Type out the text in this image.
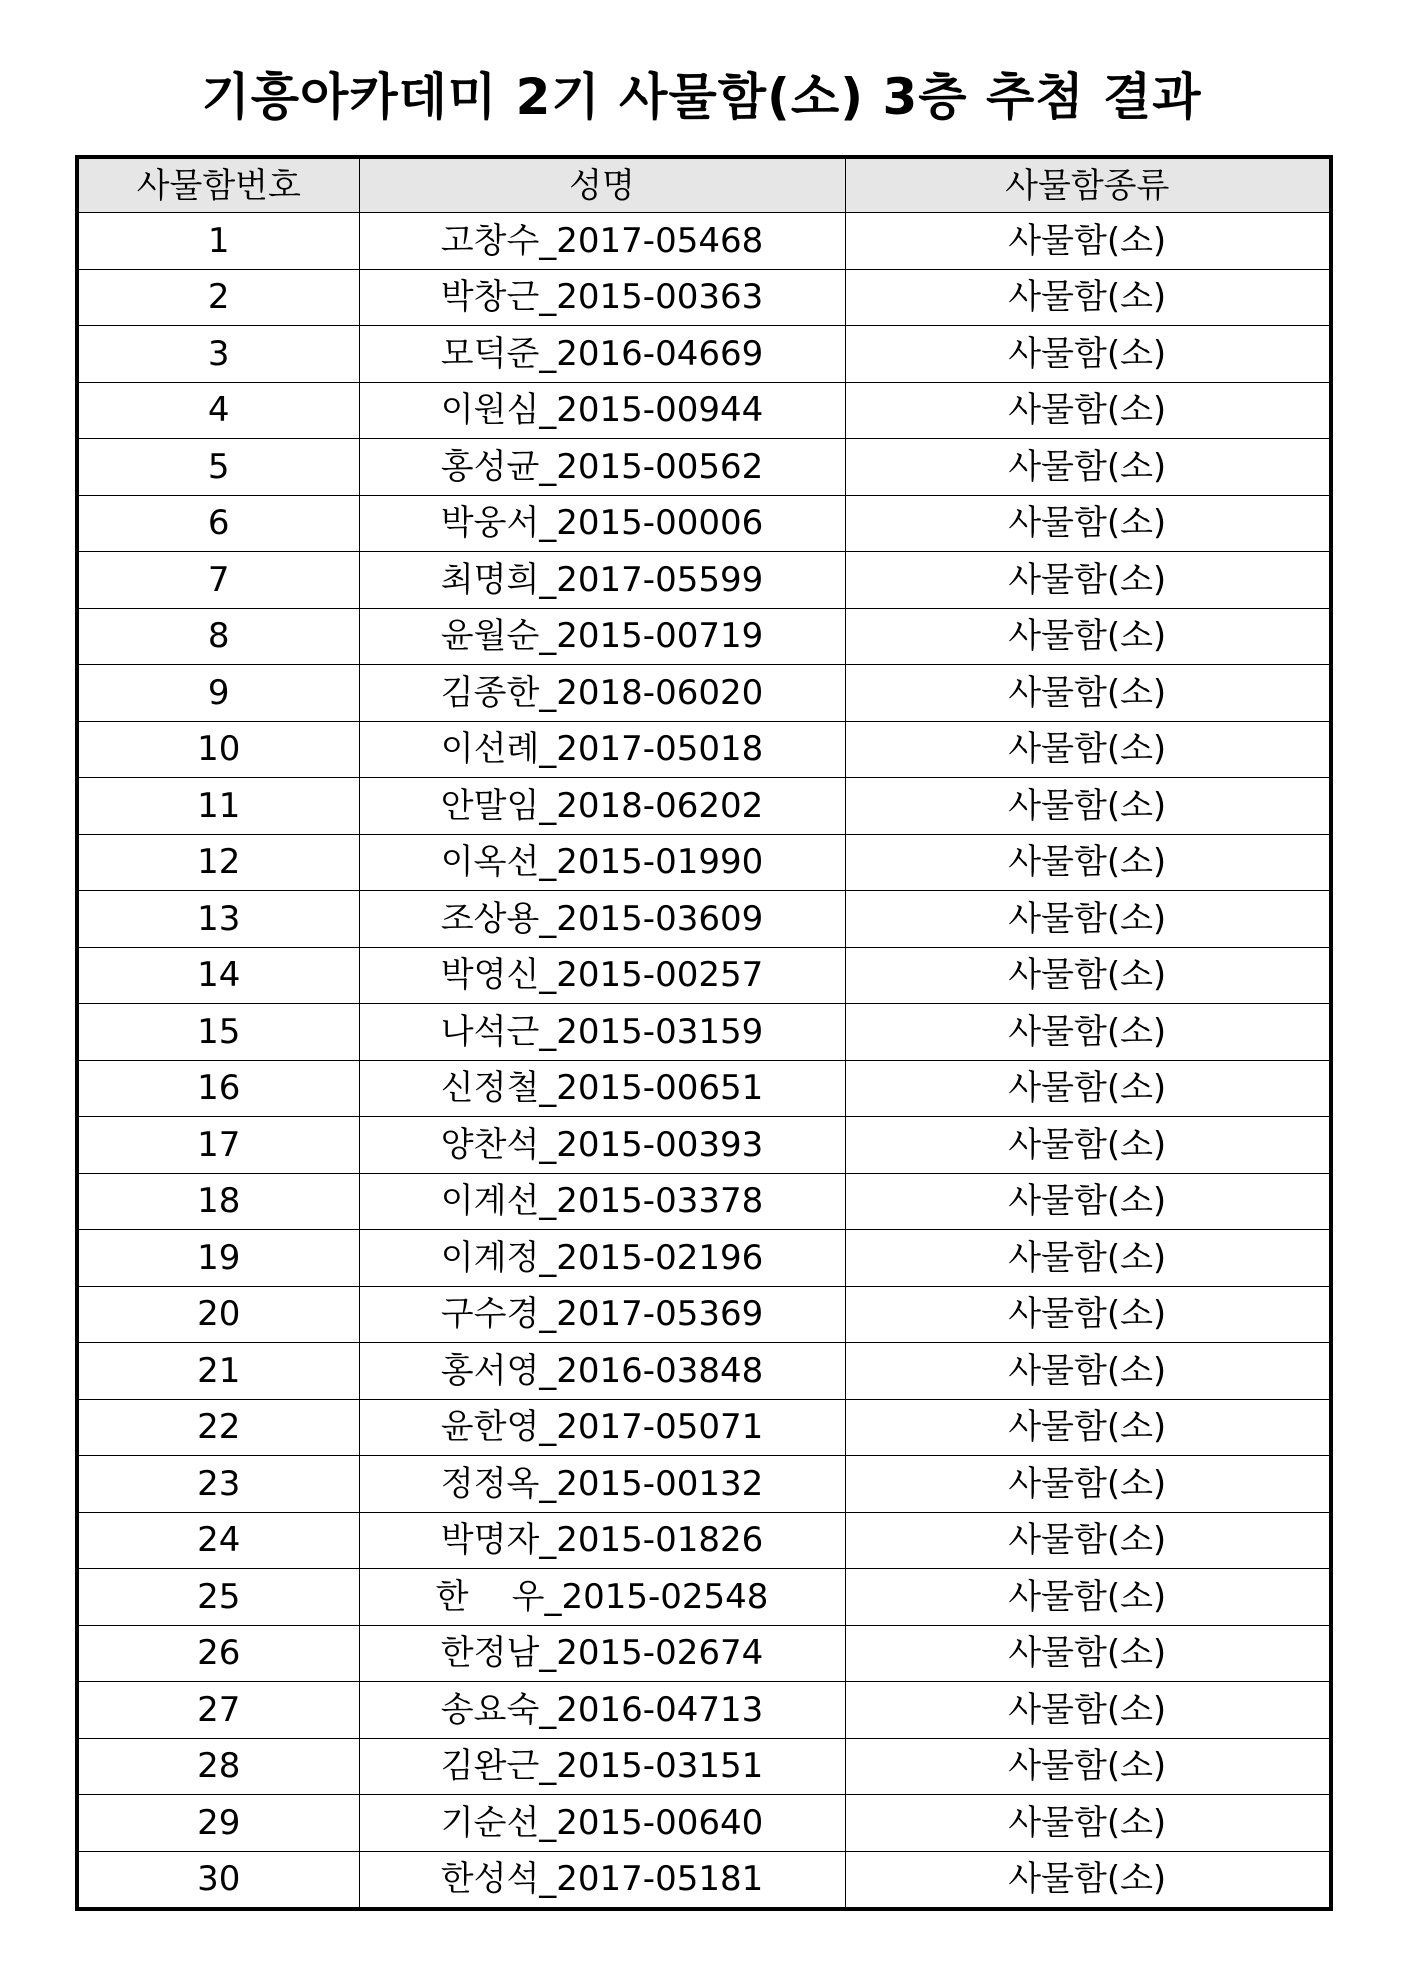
기흥아카데미 2기 사물함(소) 3층 추첨 결과
사물함번호	성명	사물함종류
1	고창수_2017-05468	사물함(소)
2	박창근_2015-00363	사물함(소)
3	모덕준_2016-04669	사물함(소)
4	이원심_2015-00944	사물함(소)
5	홍성균_2015-00562	사물함(소)
6	박웅서_2015-00006	사물함(소)
7	최명희_2017-05599	사물함(소)
8	윤월순_2015-00719	사물함(소)
9	김종한_2018-06020	사물함(소)
10	이선례_2017-05018	사물함(소)
11	안말임_2018-06202	사물함(소)
12	이옥선_2015-01990	사물함(소)
13	조상용_2015-03609	사물함(소)
14	박영신_2015-00257	사물함(소)
15	나석근_2015-03159	사물함(소)
16	신정철_2015-00651	사물함(소)
17	양찬석_2015-00393	사물함(소)
18	이계선_2015-03378	사물함(소)
19	이계정_2015-02196	사물함(소)
20	구수경_2017-05369	사물함(소)
21	홍서영_2016-03848	사물함(소)
22	윤한영_2017-05071	사물함(소)
23	정정옥_2015-00132	사물함(소)
24	박명자_2015-01826	사물함(소)
25	한    우_2015-02548	사물함(소)
26	한정남_2015-02674	사물함(소)
27	송요숙_2016-04713	사물함(소)
28	김완근_2015-03151	사물함(소)
29	기순선_2015-00640	사물함(소)
30	한성석_2017-05181	사물함(소)
